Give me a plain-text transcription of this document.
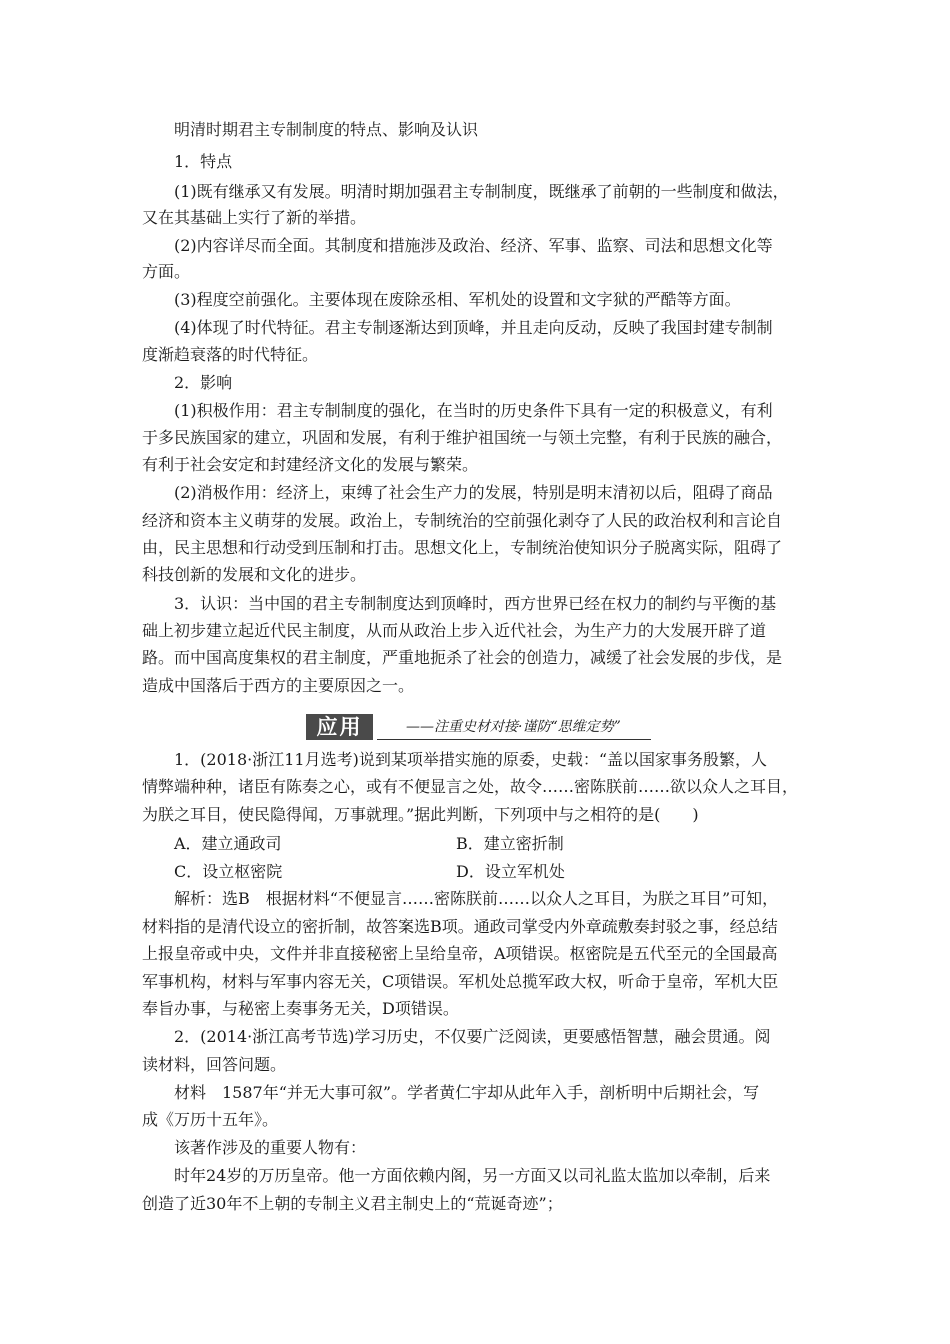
明清时期君主专制制度的特点、影响及认识
1．特点
(1)既有继承又有发展。明清时期加强君主专制制度，既继承了前朝的一些制度和做法，
又在其基础上实行了新的举措。
(2)内容详尽而全面。其制度和措施涉及政治、经济、军事、监察、司法和思想文化等
方面。
(3)程度空前强化。主要体现在废除丞相、军机处的设置和文字狱的严酷等方面。
(4)体现了时代特征。君主专制逐渐达到顶峰，并且走向反动，反映了我国封建专制制
度渐趋衰落的时代特征。
2．影响
(1)积极作用：君主专制制度的强化，在当时的历史条件下具有一定的积极意义，有利
于多民族国家的建立，巩固和发展，有利于维护祖国统一与领土完整，有利于民族的融合，
有利于社会安定和封建经济文化的发展与繁荣。
(2)消极作用：经济上，束缚了社会生产力的发展，特别是明末清初以后，阻碍了商品
经济和资本主义萌芽的发展。政治上，专制统治的空前强化剥夺了人民的政治权利和言论自
由，民主思想和行动受到压制和打击。思想文化上，专制统治使知识分子脱离实际，阻碍了
科技创新的发展和文化的进步。
3．认识：当中国的君主专制制度达到顶峰时，西方世界已经在权力的制约与平衡的基
础上初步建立起近代民主制度，从而从政治上步入近代社会，为生产力的大发展开辟了道
路。而中国高度集权的君主制度，严重地扼杀了社会的创造力，减缓了社会发展的步伐，是
造成中国落后于西方的主要原因之一。
应用	——注重史材对接·谨防“思维定势”
1．(2018·浙江11月选考)说到某项举措实施的原委，史载：“盖以国家事务殷繁，人
情弊端种种，诸臣有陈奏之心，或有不便显言之处，故令……密陈朕前……欲以众人之耳目，
为朕之耳目，使民隐得闻，万事就理。”据此判断，下列项中与之相符的是(　　)
A．建立通政司	B．建立密折制
C．设立枢密院	D．设立军机处
解析：选B　根据材料“不便显言……密陈朕前……以众人之耳目，为朕之耳目”可知，
材料指的是清代设立的密折制，故答案选B项。通政司掌受内外章疏敷奏封驳之事，经总结
上报皇帝或中央，文件并非直接秘密上呈给皇帝，A项错误。枢密院是五代至元的全国最高
军事机构，材料与军事内容无关，C项错误。军机处总揽军政大权，听命于皇帝，军机大臣
奉旨办事，与秘密上奏事务无关，D项错误。
2．(2014·浙江高考节选)学习历史，不仅要广泛阅读，更要感悟智慧，融会贯通。阅
读材料，回答问题。
材料　1587年“并无大事可叙”。学者黄仁宇却从此年入手，剖析明中后期社会，写
成《万历十五年》。
该著作涉及的重要人物有：
时年24岁的万历皇帝。他一方面依赖内阁，另一方面又以司礼监太监加以牵制，后来
创造了近30年不上朝的专制主义君主制史上的“荒诞奇迹”；
